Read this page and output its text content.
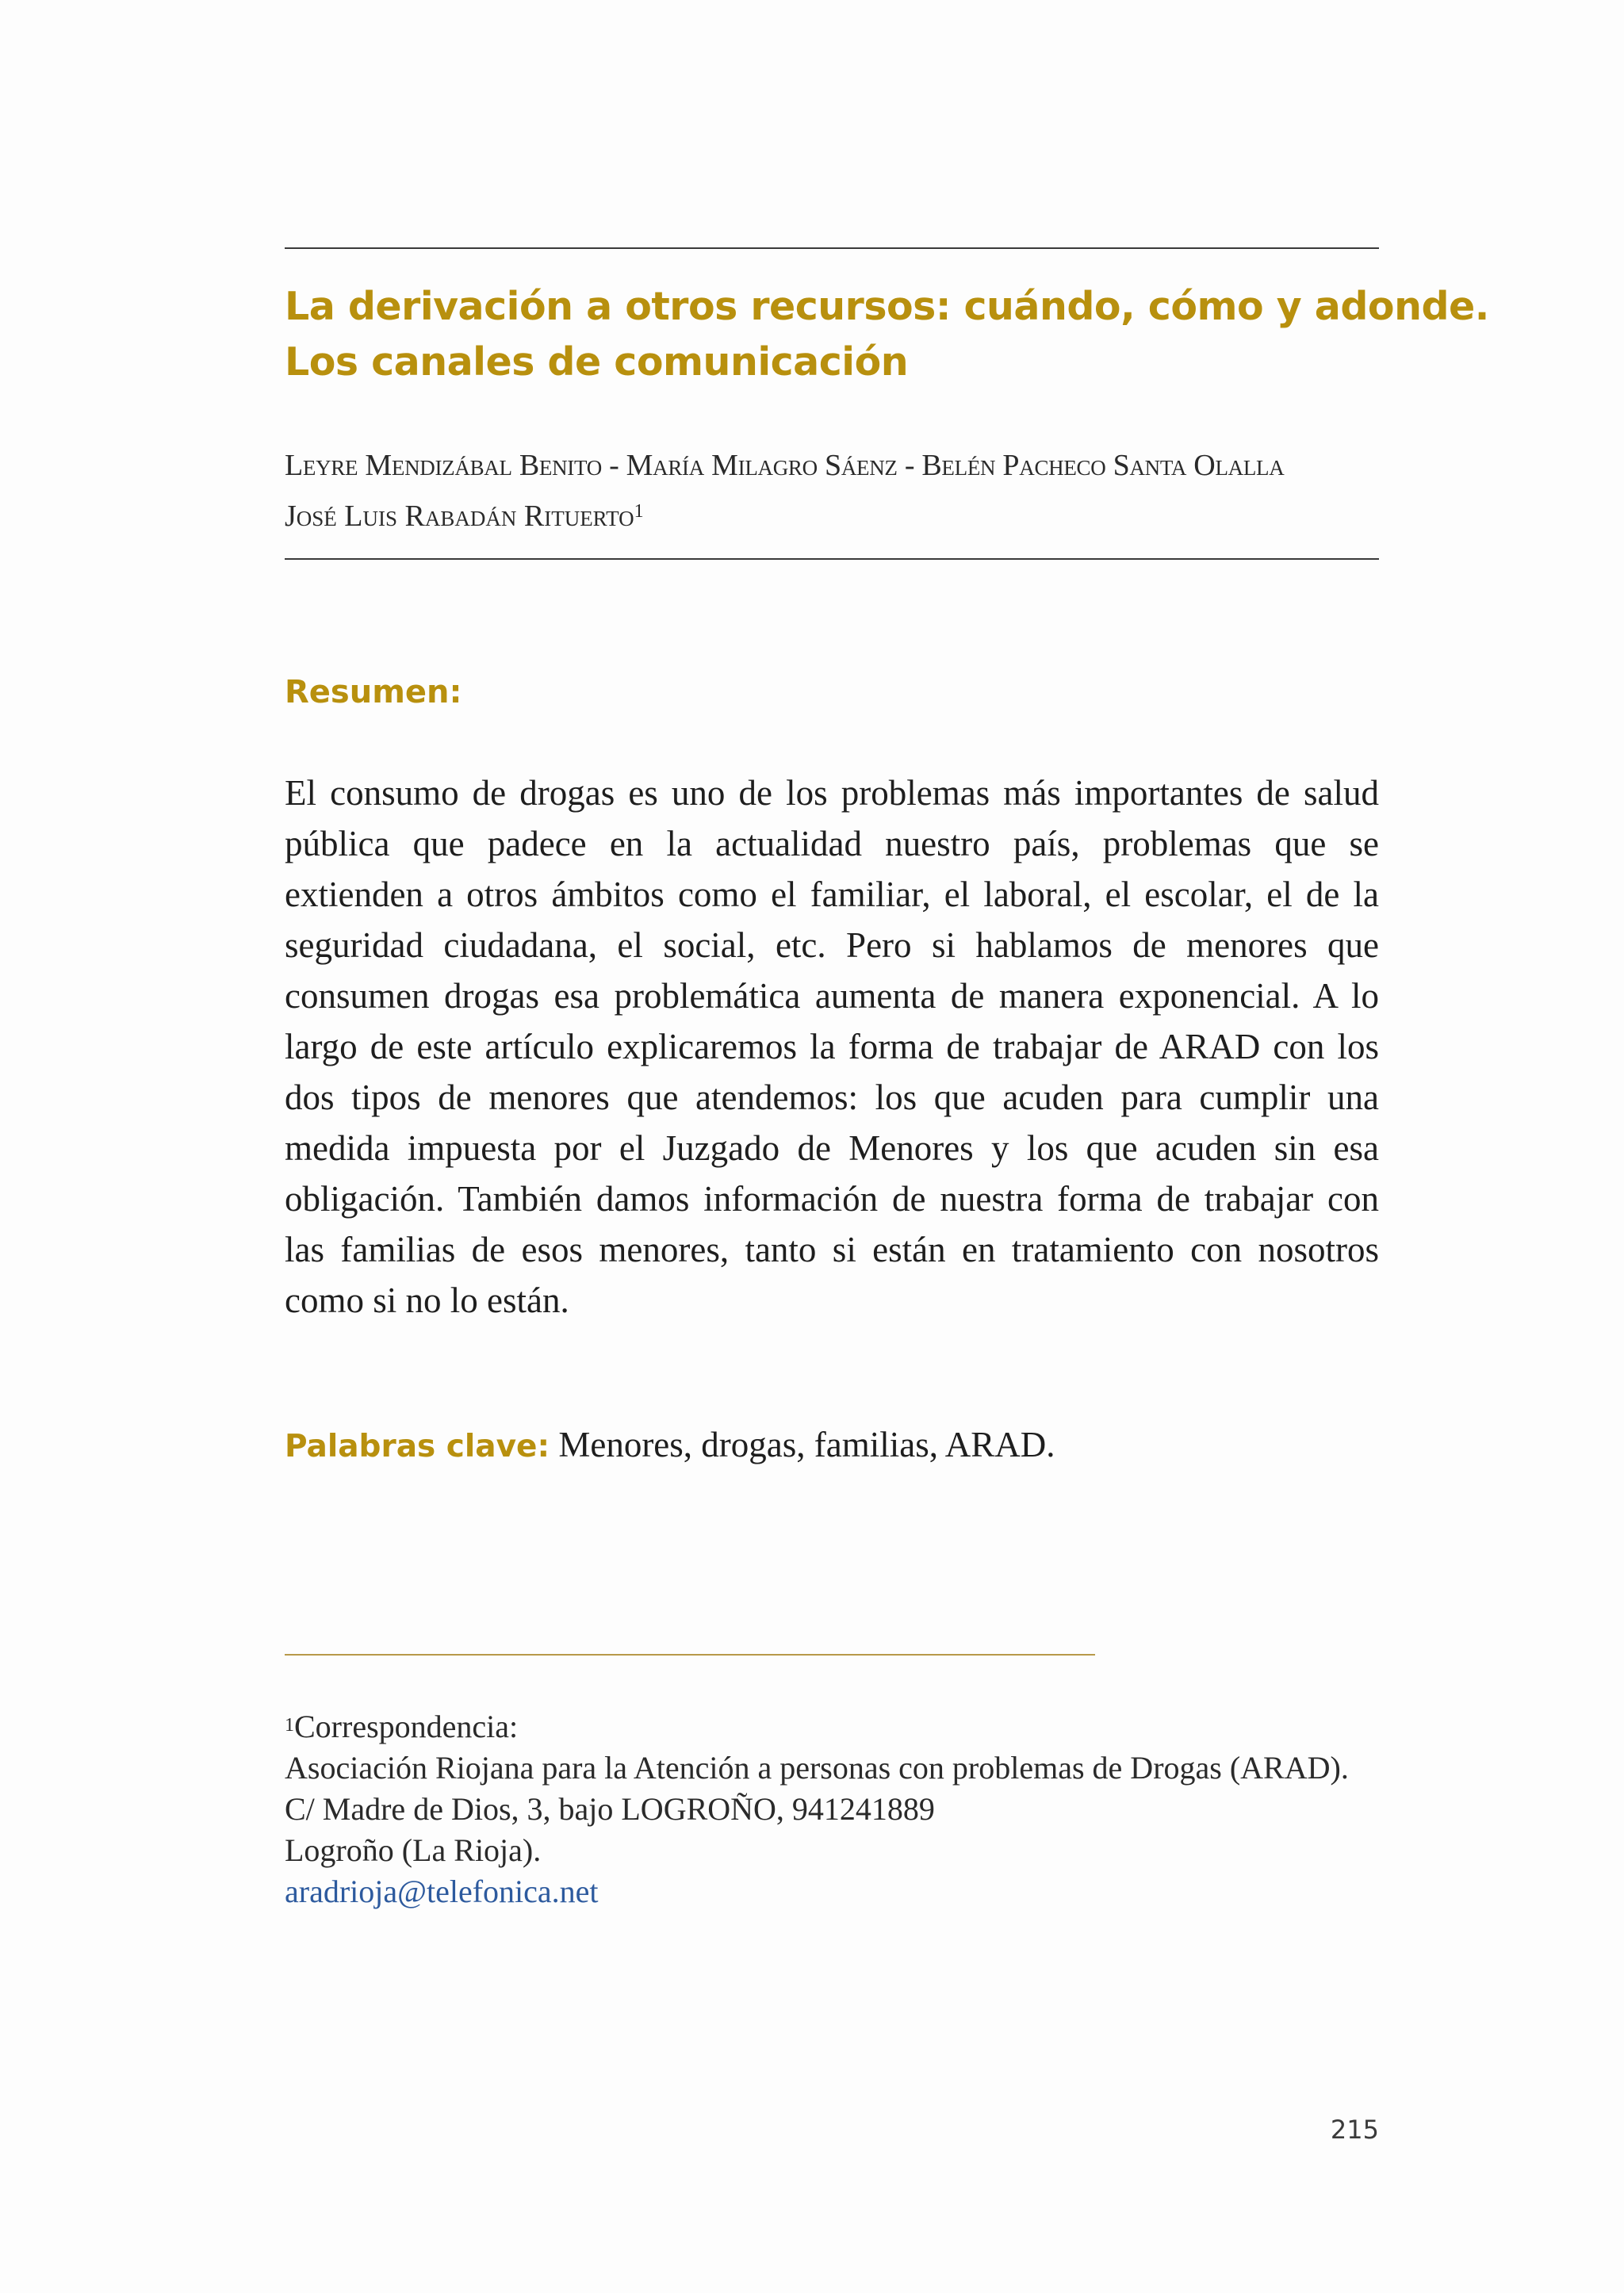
La derivación a otros recursos: cuándo, cómo y adonde.
Los canales de comunicación
Leyre Mendizábal Benito - María Milagro Sáenz - Belén Pacheco Santa Olalla
José Luis Rabadán Rituerto$^1$
Resumen:

El consumo de drogas es uno de los problemas más importantes de salud pública que padece en la actualidad nuestro país, problemas que se extienden a otros ámbitos como el familiar, el laboral, el escolar, el de la seguridad ciudadana, el social, etc. Pero si hablamos de menores que consumen drogas esa problemática aumenta de manera exponencial. A lo largo de este artículo explicaremos la forma de trabajar de ARAD con los dos tipos de menores que atendemos: los que acuden para cumplir una medida impuesta por el Juzgado de Menores y los que acuden sin esa obligación. También damos información de nuestra forma de trabajar con las familias de esos menores, tanto si están en tratamiento con nosotros como si no lo están.

Palabras clave: Menores, drogas, familias, ARAD.

$^1$Correspondencia:
Asociación Riojana para la Atención a personas con problemas de Drogas (ARAD).
C/ Madre de Dios, 3, bajo LOGROÑO, 941241889
Logroño (La Rioja).
aradrioja@telefonica.net
215
